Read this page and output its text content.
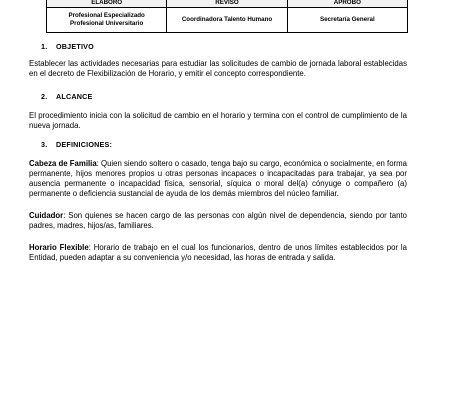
ELABORÓ	REVISÓ	APROBÓ

Profesional Especializado
Profesional Universitario	Coordinadora Talento Humano	Secretaría General
1. OBJETIVO
Establecer las actividades necesarias para estudiar las solicitudes de cambio de jornada laboral establecidas en el decreto de Flexibilización de Horario, y emitir el concepto correspondiente.
2. ALCANCE
El procedimiento inicia con la solicitud de cambio en el horario y termina con el control de cumplimiento de la nueva jornada.
3. DEFINICIONES:
Cabeza de Familia: Quien siendo soltero o casado, tenga bajo su cargo, económica o socialmente, en forma permanente, hijos menores propios u otras personas incapaces o incapacitadas para trabajar, ya sea por ausencia permanente o incapacidad física, sensorial, síquica o moral del(a) cónyuge o compañero (a) permanente o deficiencia sustancial de ayuda de los demás miembros del núcleo familiar.
Cuidador: Son quienes se hacen cargo de las personas con algún nivel de dependencia, siendo por tanto padres, madres, hijos/as, familiares.
Horario Flexible: Horario de trabajo en el cual los funcionarios, dentro de unos límites establecidos por la Entidad, pueden adaptar a su conveniencia y/o necesidad, las horas de entrada y salida.
